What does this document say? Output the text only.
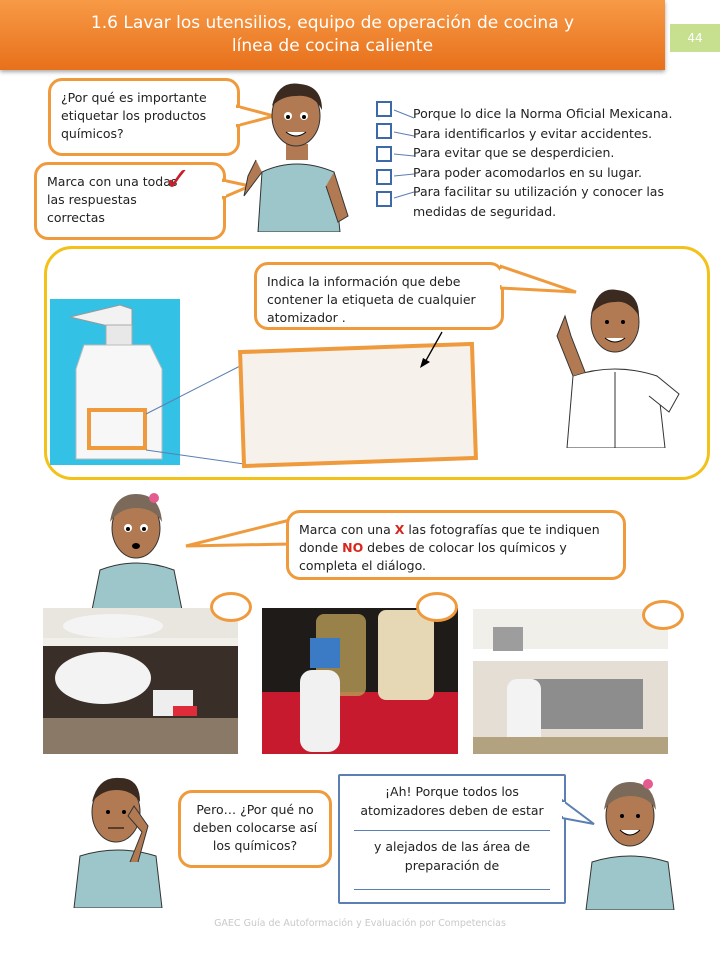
1.6 Lavar los utensilios, equipo de operación de cocina y
línea de cocina caliente	44
¿Por qué es importante etiquetar los productos químicos?
Marca con una todas las respuestas correctas
✓
Porque lo dice la Norma Oficial Mexicana.
Para identificarlos y evitar accidentes.
Para evitar que se desperdicien.
Para poder acomodarlos en su lugar.
Para facilitar su utilización y conocer las medidas de seguridad.
Indica la información que debe contener la etiqueta de cualquier atomizador .
Marca con una X las fotografías que te indiquen donde NO debes de colocar los químicos y completa el diálogo.
Pero… ¿Por qué no deben colocarse así los químicos?
¡Ah! Porque todos los atomizadores deben de estar
y alejados de las área de preparación de
GAEC Guía de Autoformación y Evaluación por Competencias
